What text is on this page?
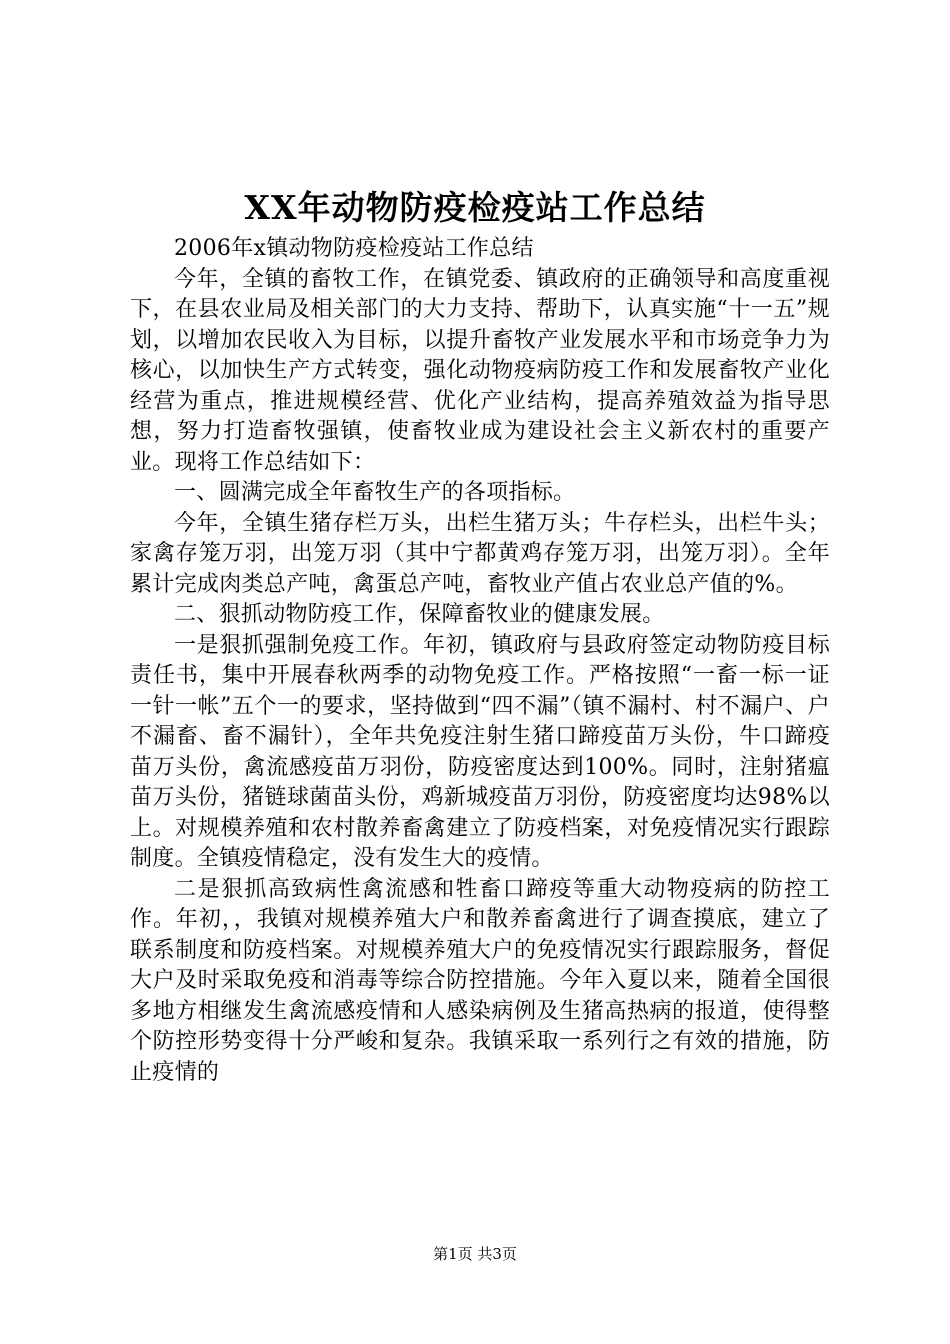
XX年动物防疫检疫站工作总结

2006年x镇动物防疫检疫站工作总结

今年，全镇的畜牧工作，在镇党委、镇政府的正确领导和高度重视下，在县农业局及相关部门的大力支持、帮助下，认真实施“十一五”规划，以增加农民收入为目标，以提升畜牧产业发展水平和市场竞争力为核心，以加快生产方式转变，强化动物疫病防疫工作和发展畜牧产业化经营为重点，推进规模经营、优化产业结构，提高养殖效益为指导思想，努力打造畜牧强镇，使畜牧业成为建设社会主义新农村的重要产业。现将工作总结如下：

一、圆满完成全年畜牧生产的各项指标。

今年，全镇生猪存栏万头，出栏生猪万头；牛存栏头，出栏牛头；家禽存笼万羽，出笼万羽（其中宁都黄鸡存笼万羽，出笼万羽）。全年累计完成肉类总产吨，禽蛋总产吨，畜牧业产值占农业总产值的%。

二、狠抓动物防疫工作，保障畜牧业的健康发展。

一是狠抓强制免疫工作。年初，镇政府与县政府签定动物防疫目标责任书，集中开展春秋两季的动物免疫工作。严格按照“一畜一标一证一针一帐”五个一的要求，坚持做到“四不漏”（镇不漏村、村不漏户、户不漏畜、畜不漏针），全年共免疫注射生猪口蹄疫苗万头份，牛口蹄疫苗万头份，禽流感疫苗万羽份，防疫密度达到100%。同时，注射猪瘟苗万头份，猪链球菌苗头份，鸡新城疫苗万羽份，防疫密度均达98%以上。对规模养殖和农村散养畜禽建立了防疫档案，对免疫情况实行跟踪制度。全镇疫情稳定，没有发生大的疫情。

二是狠抓高致病性禽流感和牲畜口蹄疫等重大动物疫病的防控工作。年初，，我镇对规模养殖大户和散养畜禽进行了调查摸底，建立了联系制度和防疫档案。对规模养殖大户的免疫情况实行跟踪服务，督促大户及时采取免疫和消毒等综合防控措施。今年入夏以来，随着全国很多地方相继发生禽流感疫情和人感染病例及生猪高热病的报道，使得整个防控形势变得十分严峻和复杂。我镇采取一系列行之有效的措施，防止疫情的

第1页 共3页
